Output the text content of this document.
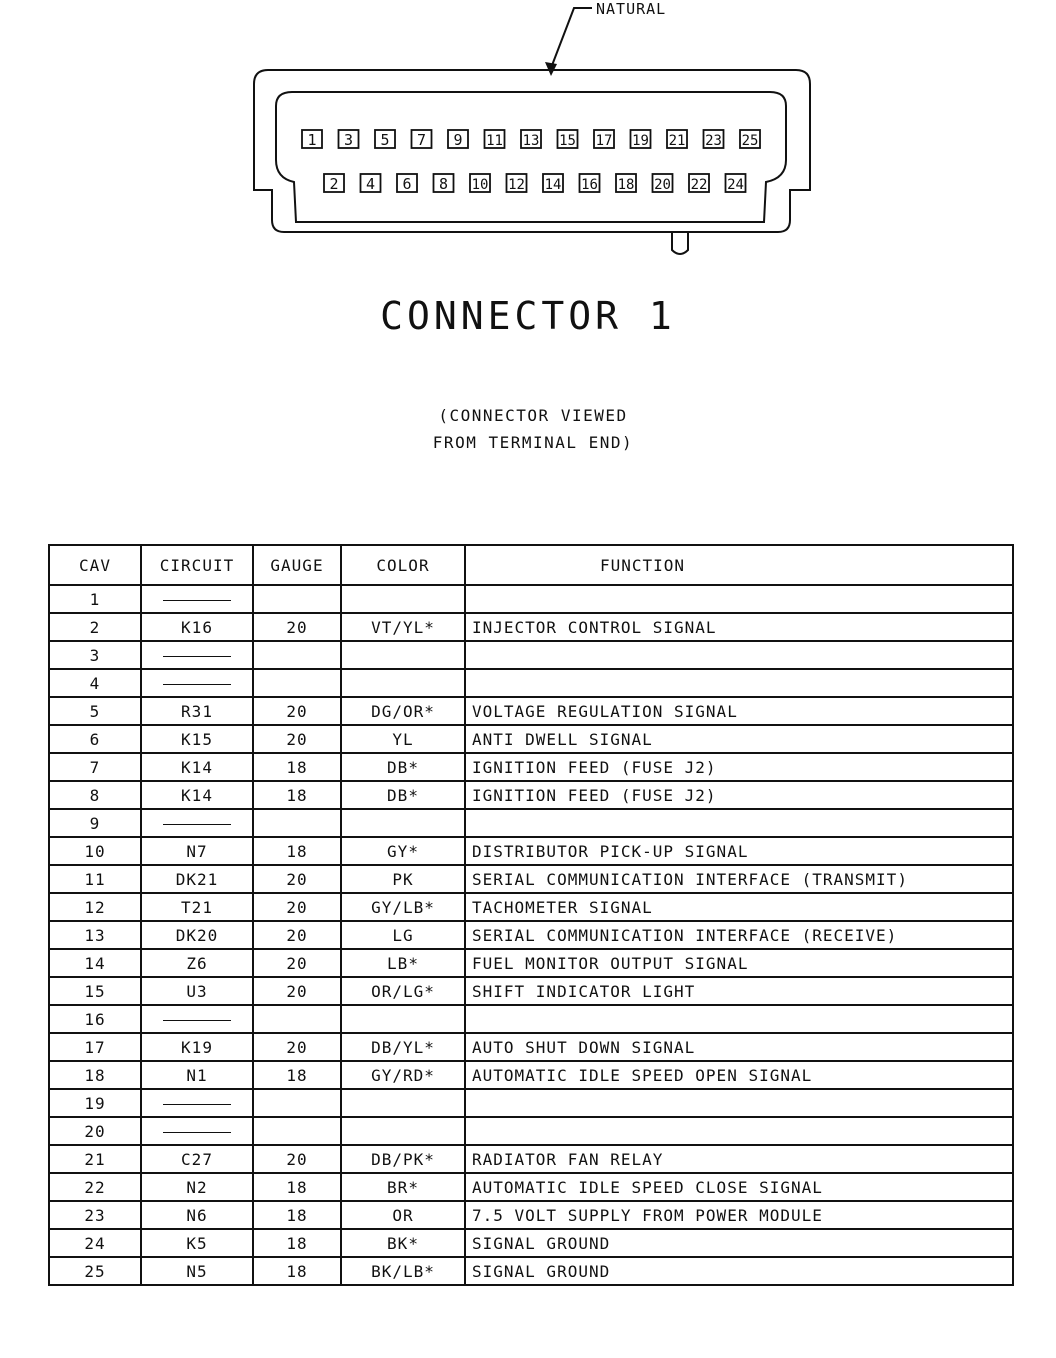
1 3 5 7 9 11 13 15 17 19 21 23 25
2 4 6 8 10 12 14 16 18 20 22 24
NATURAL
CONNECTOR 1
(CONNECTOR VIEWED
FROM TERMINAL END)
CAV	CIRCUIT	GAUGE	COLOR	FUNCTION
1				
2	K16	20	VT/YL*	INJECTOR CONTROL SIGNAL
3				
4				
5	R31	20	DG/OR*	VOLTAGE REGULATION SIGNAL
6	K15	20	YL	ANTI DWELL SIGNAL
7	K14	18	DB*	IGNITION FEED (FUSE J2)
8	K14	18	DB*	IGNITION FEED (FUSE J2)
9				
10	N7	18	GY*	DISTRIBUTOR PICK-UP SIGNAL
11	DK21	20	PK	SERIAL COMMUNICATION INTERFACE (TRANSMIT)
12	T21	20	GY/LB*	TACHOMETER SIGNAL
13	DK20	20	LG	SERIAL COMMUNICATION INTERFACE (RECEIVE)
14	Z6	20	LB*	FUEL MONITOR OUTPUT SIGNAL
15	U3	20	OR/LG*	SHIFT INDICATOR LIGHT
16				
17	K19	20	DB/YL*	AUTO SHUT DOWN SIGNAL
18	N1	18	GY/RD*	AUTOMATIC IDLE SPEED OPEN SIGNAL
19				
20				
21	C27	20	DB/PK*	RADIATOR FAN RELAY
22	N2	18	BR*	AUTOMATIC IDLE SPEED CLOSE SIGNAL
23	N6	18	OR	7.5 VOLT SUPPLY FROM POWER MODULE
24	K5	18	BK*	SIGNAL GROUND
25	N5	18	BK/LB*	SIGNAL GROUND
